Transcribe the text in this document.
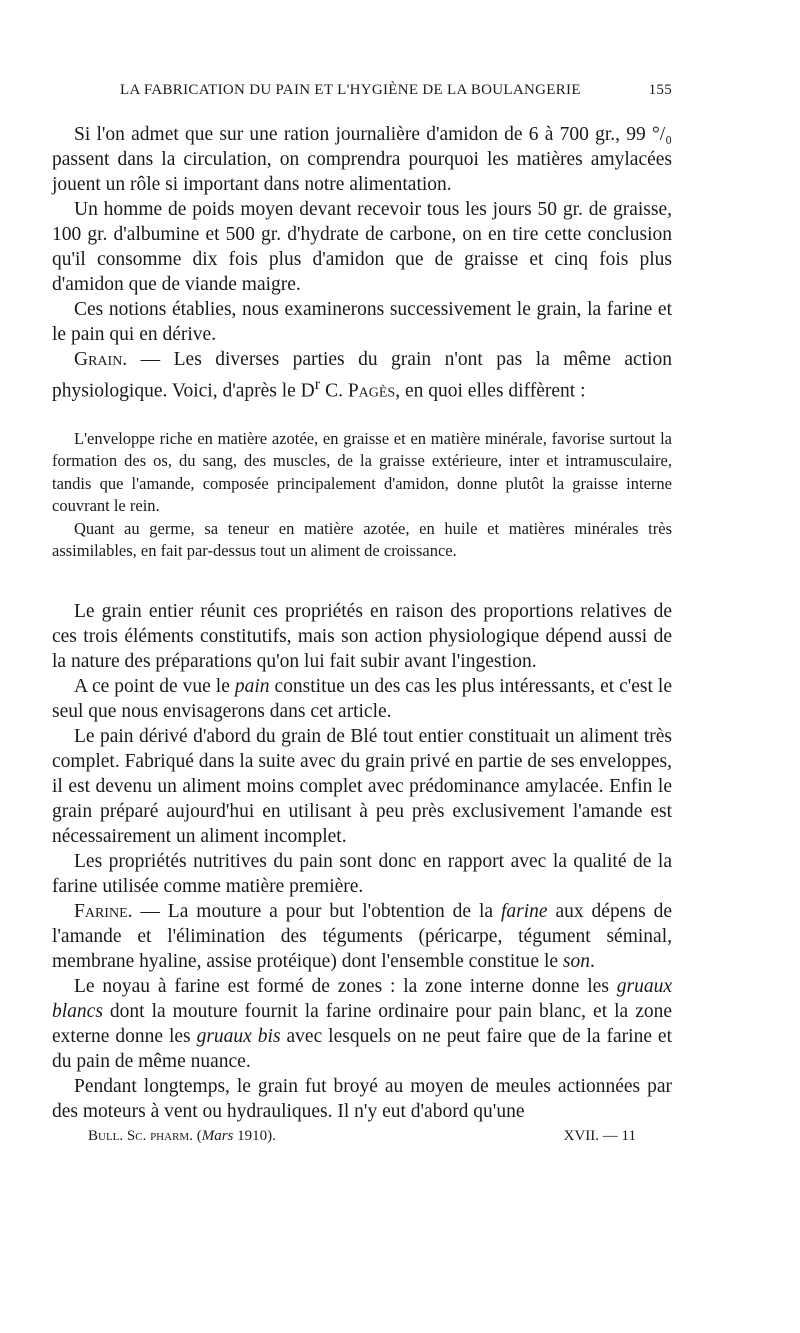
LA FABRICATION DU PAIN ET L'HYGIÈNE DE LA BOULANGERIE	155

Si l'on admet que sur une ration journalière d'amidon de 6 à 700 gr., 99 °/₀ passent dans la circulation, on comprendra pourquoi les matières amylacées jouent un rôle si important dans notre alimentation.

Un homme de poids moyen devant recevoir tous les jours 50 gr. de graisse, 100 gr. d'albumine et 500 gr. d'hydrate de carbone, on en tire cette conclusion qu'il consomme dix fois plus d'amidon que de graisse et cinq fois plus d'amidon que de viande maigre.

Ces notions établies, nous examinerons successivement le grain, la farine et le pain qui en dérive.

Grain. — Les diverses parties du grain n'ont pas la même action physiologique. Voici, d'après le $D^r$ C. Pagès, en quoi elles diffèrent :

L'enveloppe riche en matière azotée, en graisse et en matière minérale, favorise surtout la formation des os, du sang, des muscles, de la graisse extérieure, inter et intramusculaire, tandis que l'amande, composée principalement d'amidon, donne plutôt la graisse interne couvrant le rein.

Quant au germe, sa teneur en matière azotée, en huile et matières minérales très assimilables, en fait par-dessus tout un aliment de croissance.

Le grain entier réunit ces propriétés en raison des proportions relatives de ces trois éléments constitutifs, mais son action physiologique dépend aussi de la nature des préparations qu'on lui fait subir avant l'ingestion.

A ce point de vue le pain constitue un des cas les plus intéressants, et c'est le seul que nous envisagerons dans cet article.

Le pain dérivé d'abord du grain de Blé tout entier constituait un aliment très complet. Fabriqué dans la suite avec du grain privé en partie de ses enveloppes, il est devenu un aliment moins complet avec prédominance amylacée. Enfin le grain préparé aujourd'hui en utilisant à peu près exclusivement l'amande est nécessairement un aliment incomplet.

Les propriétés nutritives du pain sont donc en rapport avec la qualité de la farine utilisée comme matière première.

Farine. — La mouture a pour but l'obtention de la farine aux dépens de l'amande et l'élimination des téguments (péricarpe, tégument séminal, membrane hyaline, assise protéique) dont l'ensemble constitue le son.

Le noyau à farine est formé de zones : la zone interne donne les gruaux blancs dont la mouture fournit la farine ordinaire pour pain blanc, et la zone externe donne les gruaux bis avec lesquels on ne peut faire que de la farine et du pain de même nuance.

Pendant longtemps, le grain fut broyé au moyen de meules actionnées par des moteurs à vent ou hydrauliques. Il n'y eut d'abord qu'une

Bull. Sc. pharm. (Mars 1910).	XVII. — 11
